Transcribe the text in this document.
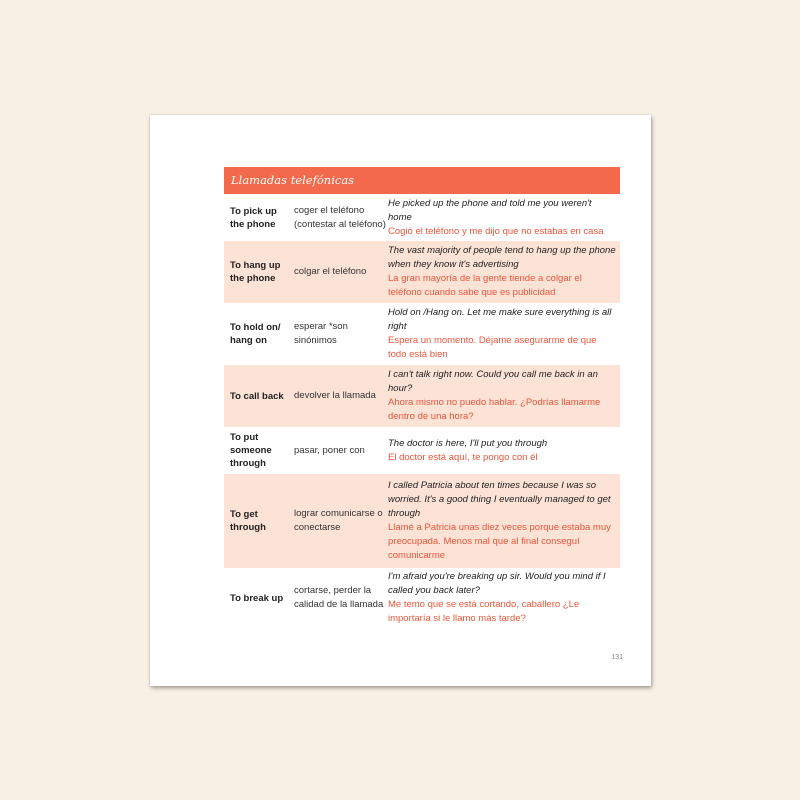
Llamadas telefónicas
To pick up the phone
coger el teléfono (contestar al teléfono)
He picked up the phone and told me you weren't home
Cogió el teléfono y me dijo que no estabas en casa
To hang up the phone
colgar el teléfono
The vast majority of people tend to hang up the phone when they know it's advertising
La gran mayoría de la gente tiende a colgar el teléfono cuando sabe que es publicidad
To hold on/ hang on
esperar *son sinónimos
Hold on /Hang on. Let me make sure everything is all right
Espera un momento. Déjame asegurarme de que todo está bien
To call back	devolver la llamada
I can't talk right now. Could you call me back in an hour?
Ahora mismo no puedo hablar. ¿Podrías llamarme dentro de una hora?
To put someone through
pasar, poner con
The doctor is here, I'll put you through
El doctor está aquí, te pongo con él
To get through
lograr comunicarse o conectarse
I called Patricia about ten times because I was so worried. It's a good thing I eventually managed to get through
Llamé a Patricia unas diez veces porque estaba muy preocupada. Menos mal que al final conseguí comunicarme
To break up
cortarse, perder la calidad de la llamada
I'm afraid you're breaking up sir. Would you mind if I called you back later?
Me temo que se está cortando, caballero ¿Le importaría si le llamo más tarde?
131
